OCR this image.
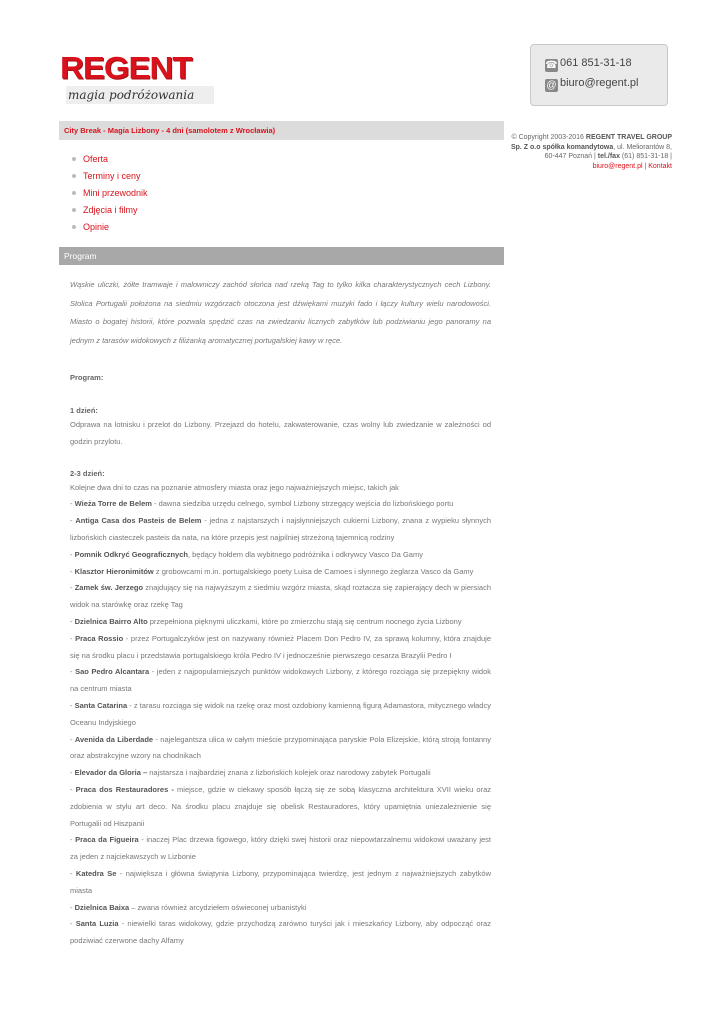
REGENT
magia podróżowania
☎ 061 851-31-18
@ biuro@regent.pl
© Copyright 2003-2016 REGENT TRAVEL GROUP
Sp. Z o.o spółka komandytowa, ul. Meliorantów 8,
60-447 Poznań | tel./fax (61) 851-31-18 |
biuro@regent.pl | Kontakt
City Break - Magia Lizbony - 4 dni (samolotem z Wrocławia)
Oferta
Terminy i ceny
Mini przewodnik
Zdjęcia i filmy
Opinie
Program

Wąskie uliczki, żółte tramwaje i malowniczy zachód słońca nad rzeką Tag to tylko kilka charakterystycznych cech Lizbony. Stolica Portugalii położona na siedmiu wzgórzach otoczona jest dźwiękami muzyki fado i łączy kultury wielu narodowości. Miasto o bogatej historii, które pozwala spędzić czas na zwiedzaniu licznych zabytków lub podziwianiu jego panoramy na jednym z tarasów widokowych z filiżanką aromatycznej portugalskiej kawy w ręce.

Program:
1 dzień:

Odprawa na lotnisku i przelot do Lizbony. Przejazd do hotelu, zakwaterowanie, czas wolny lub zwiedzanie w zależności od godzin przylotu.

2-3 dzień:

Kolejne dwa dni to czas na poznanie atmosfery miasta oraz jego najważniejszych miejsc, takich jak

- Wieża Torre de Belem - dawna siedziba urzędu celnego, symbol Lizbony strzegący wejścia do lizbońskiego portu

- Antiga Casa dos Pasteis de Belem - jedna z najstarszych i najsłynniejszych cukierni Lizbony, znana z wypieku słynnych lizbońskich ciasteczek pasteis da nata, na które przepis jest najpilniej strzeżoną tajemnicą rodziny

- Pomnik Odkryć Geograficznych, będący hołdem dla wybitnego podróżnika i odkrywcy Vasco Da Gamy

- Klasztor Hieronimitów z grobowcami m.in. portugalskiego poety Luisa de Camoes i słynnego żeglarza Vasco da Gamy

- Zamek św. Jerzego znajdujący się na najwyższym z siedmiu wzgórz miasta, skąd roztacza się zapierający dech w piersiach widok na starówkę oraz rzekę Tag

- Dzielnica Bairro Alto przepełniona pięknymi uliczkami, które po zmierzchu stają się centrum nocnego życia Lizbony

- Praca Rossio - przez Portugalczyków jest on nazywany również Placem Don Pedro IV, za sprawą kolumny, która znajduje się na środku placu i przedstawia portugalskiego króla Pedro IV i jednocześnie pierwszego cesarza Brazylii Pedro I

- Sao Pedro Alcantara - jeden z najpopularniejszych punktów widokowych Lizbony, z którego rozciąga się przepiękny widok na centrum miasta

- Santa Catarina - z tarasu rozciąga się widok na rzekę oraz most ozdobiony kamienną figurą Adamastora, mitycznego władcy Oceanu Indyjskiego

- Avenida da Liberdade - najelegantsza ulica w całym mieście przypominająca paryskie Pola Elizejskie, którą stroją fontanny oraz abstrakcyjne wzory na chodnikach

- Elevador da Gloria – najstarsza i najbardziej znana z lizbońskich kolejek oraz narodowy zabytek Portugalii

- Praca dos Restauradores - miejsce, gdzie w ciekawy sposób łączą się ze sobą klasyczna architektura XVII wieku oraz zdobienia w stylu art deco. Na środku placu znajduje się obelisk Restauradores, który upamiętnia uniezależnienie się Portugalii od Hiszpanii

- Praca da Figueira - inaczej Plac drzewa figowego, który dzięki swej historii oraz niepowtarzalnemu widokowi uważany jest za jeden z najciekawszych w Lizbonie

- Katedra Se - największa i główna świątynia Lizbony, przypominająca twierdzę, jest jednym z najważniejszych zabytków miasta

- Dzielnica Baixa – zwana również arcydziełem oświeconej urbanistyki

- Santa Luzia - niewielki taras widokowy, gdzie przychodzą zarówno turyści jak i mieszkańcy Lizbony, aby odpocząć oraz podziwiać czerwone dachy Alfamy
